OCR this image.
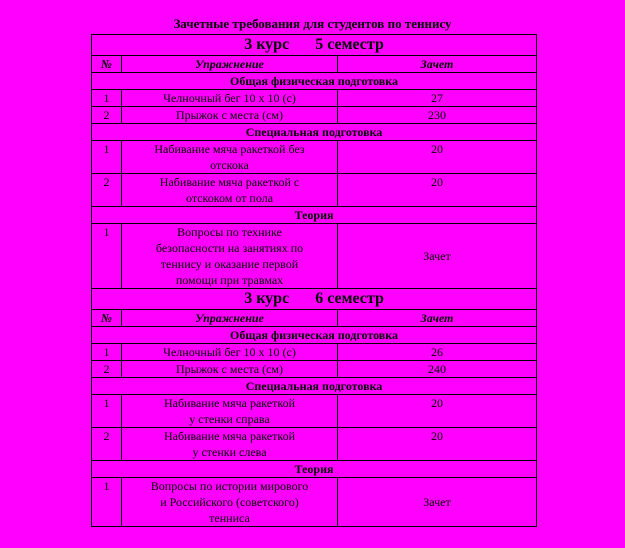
Зачетные требования для студентов по теннису
3 курс 5 семестр		
№	Упражнение	Зачет
Общая физическая подготовка		
1	Челночный бег 10 х 10 (с)	27
2	Прыжок с места (см)	230
Специальная подготовка		
1	Набивание мяча ракеткой без
отскока	20
2	Набивание мяча ракеткой с
отскоком от пола	20
Теория		
1	Вопросы по технике
безопасности на занятиях по
теннису и оказание первой
помощи при травмах	Зачет
3 курс 6 семестр		
№	Упражнение	Зачет
Общая физическая подготовка		
1	Челночный бег 10 х 10 (с)	26
2	Прыжок с места (см)	240
Специальная подготовка		
1	Набивание мяча ракеткой
у стенки справа	20
2	Набивание мяча ракеткой
у стенки слева	20
Теория		
1	Вопросы по истории мирового
и Российского (советского)
тенниса	Зачет
